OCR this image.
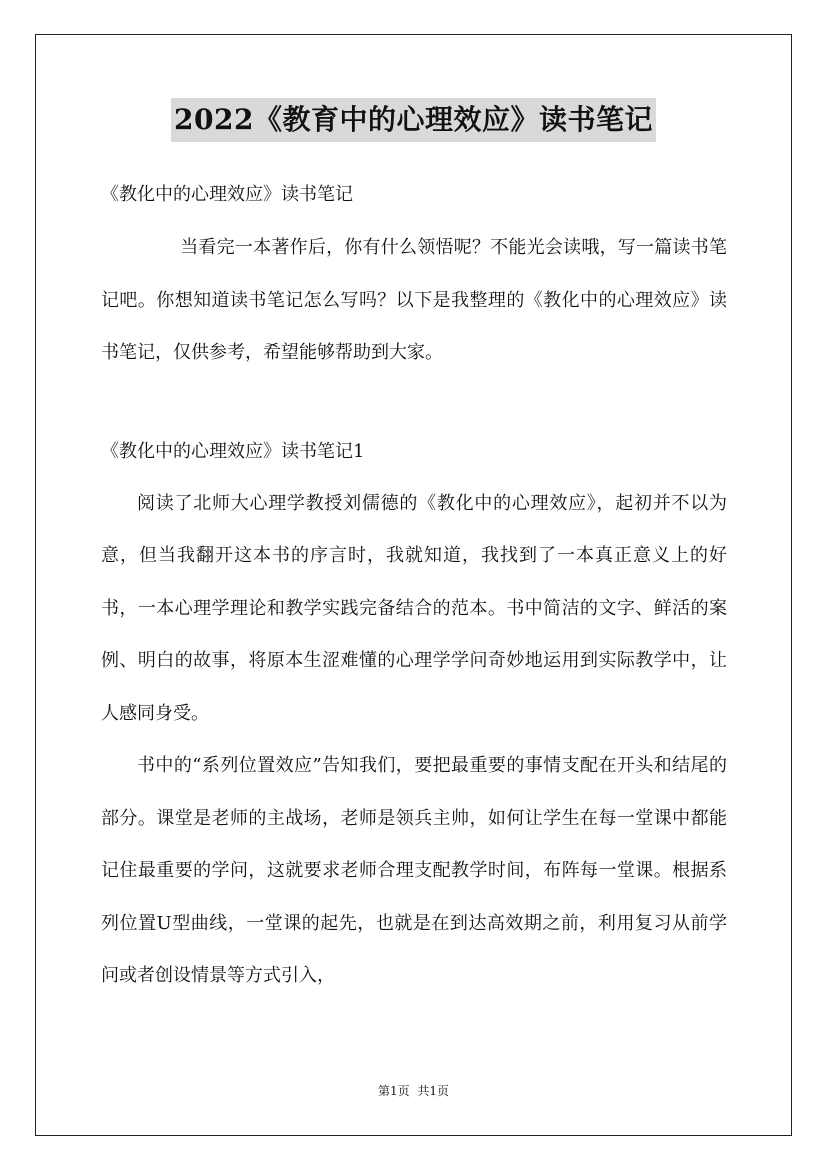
2022《教育中的心理效应》读书笔记

《教化中的心理效应》读书笔记

当看完一本著作后，你有什么领悟呢？不能光会读哦，写一篇读书笔记吧。你想知道读书笔记怎么写吗？以下是我整理的《教化中的心理效应》读书笔记，仅供参考，希望能够帮助到大家。

《教化中的心理效应》读书笔记1

阅读了北师大心理学教授刘儒德的《教化中的心理效应》，起初并不以为意，但当我翻开这本书的序言时，我就知道，我找到了一本真正意义上的好书，一本心理学理论和教学实践完备结合的范本。书中简洁的文字、鲜活的案例、明白的故事，将原本生涩难懂的心理学学问奇妙地运用到实际教学中，让人感同身受。

书中的“系列位置效应”告知我们，要把最重要的事情支配在开头和结尾的部分。课堂是老师的主战场，老师是领兵主帅，如何让学生在每一堂课中都能记住最重要的学问，这就要求老师合理支配教学时间，布阵每一堂课。根据系列位置U型曲线，一堂课的起先，也就是在到达高效期之前，利用复习从前学问或者创设情景等方式引入，

第1页 共1页
